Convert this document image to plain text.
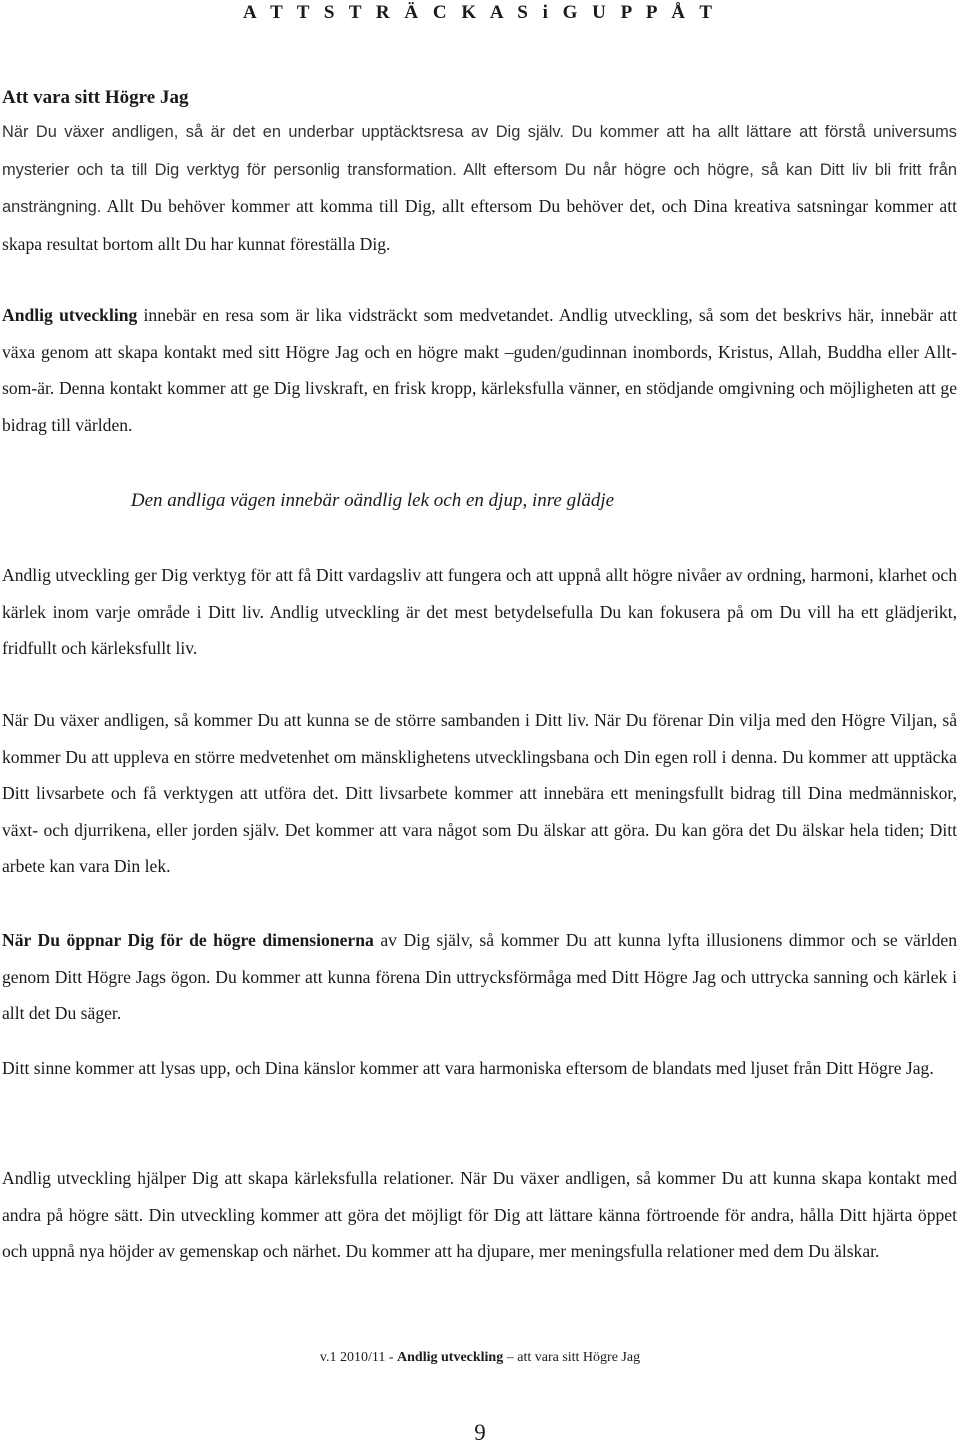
A T T S T R Ä C K A S i G U P P Å T
Att vara sitt Högre Jag

När Du växer andligen, så är det en underbar upptäcktsresa av Dig själv. Du kommer att ha allt lättare att förstå universums mysterier och ta till Dig verktyg för personlig transformation. Allt eftersom Du når högre och högre, så kan Ditt liv bli fritt från ansträngning. Allt Du behöver kommer att komma till Dig, allt eftersom Du behöver det, och Dina kreativa satsningar kommer att skapa resultat bortom allt Du har kunnat föreställa Dig.

Andlig utveckling innebär en resa som är lika vidsträckt som medvetandet. Andlig utveckling, så som det beskrivs här, innebär att växa genom att skapa kontakt med sitt Högre Jag och en högre makt –guden/gudinnan inombords, Kristus, Allah, Buddha eller Allt-som-är. Denna kontakt kommer att ge Dig livskraft, en frisk kropp, kärleksfulla vänner, en stödjande omgivning och möjligheten att ge bidrag till världen.

Den andliga vägen innebär oändlig lek och en djup, inre glädje

Andlig utveckling ger Dig verktyg för att få Ditt vardagsliv att fungera och att uppnå allt högre nivåer av ordning, harmoni, klarhet och kärlek inom varje område i Ditt liv. Andlig utveckling är det mest betydelsefulla Du kan fokusera på om Du vill ha ett glädjerikt, fridfullt och kärleksfullt liv.

När Du växer andligen, så kommer Du att kunna se de större sambanden i Ditt liv. När Du förenar Din vilja med den Högre Viljan, så kommer Du att uppleva en större medvetenhet om mänsklighetens utvecklingsbana och Din egen roll i denna. Du kommer att upptäcka Ditt livsarbete och få verktygen att utföra det. Ditt livsarbete kommer att innebära ett meningsfullt bidrag till Dina medmänniskor, växt- och djurrikena, eller jorden själv. Det kommer att vara något som Du älskar att göra. Du kan göra det Du älskar hela tiden; Ditt arbete kan vara Din lek.

När Du öppnar Dig för de högre dimensionerna av Dig själv, så kommer Du att kunna lyfta illusionens dimmor och se världen genom Ditt Högre Jags ögon. Du kommer att kunna förena Din uttrycksförmåga med Ditt Högre Jag och uttrycka sanning och kärlek i allt det Du säger.

Ditt sinne kommer att lysas upp, och Dina känslor kommer att vara harmoniska eftersom de blandats med ljuset från Ditt Högre Jag.

Andlig utveckling hjälper Dig att skapa kärleksfulla relationer. När Du växer andligen, så kommer Du att kunna skapa kontakt med andra på högre sätt. Din utveckling kommer att göra det möjligt för Dig att lättare känna förtroende för andra, hålla Ditt hjärta öppet och uppnå nya höjder av gemenskap och närhet. Du kommer att ha djupare, mer meningsfulla relationer med dem Du älskar.

v.1 2010/11 - Andlig utveckling – att vara sitt Högre Jag
9
